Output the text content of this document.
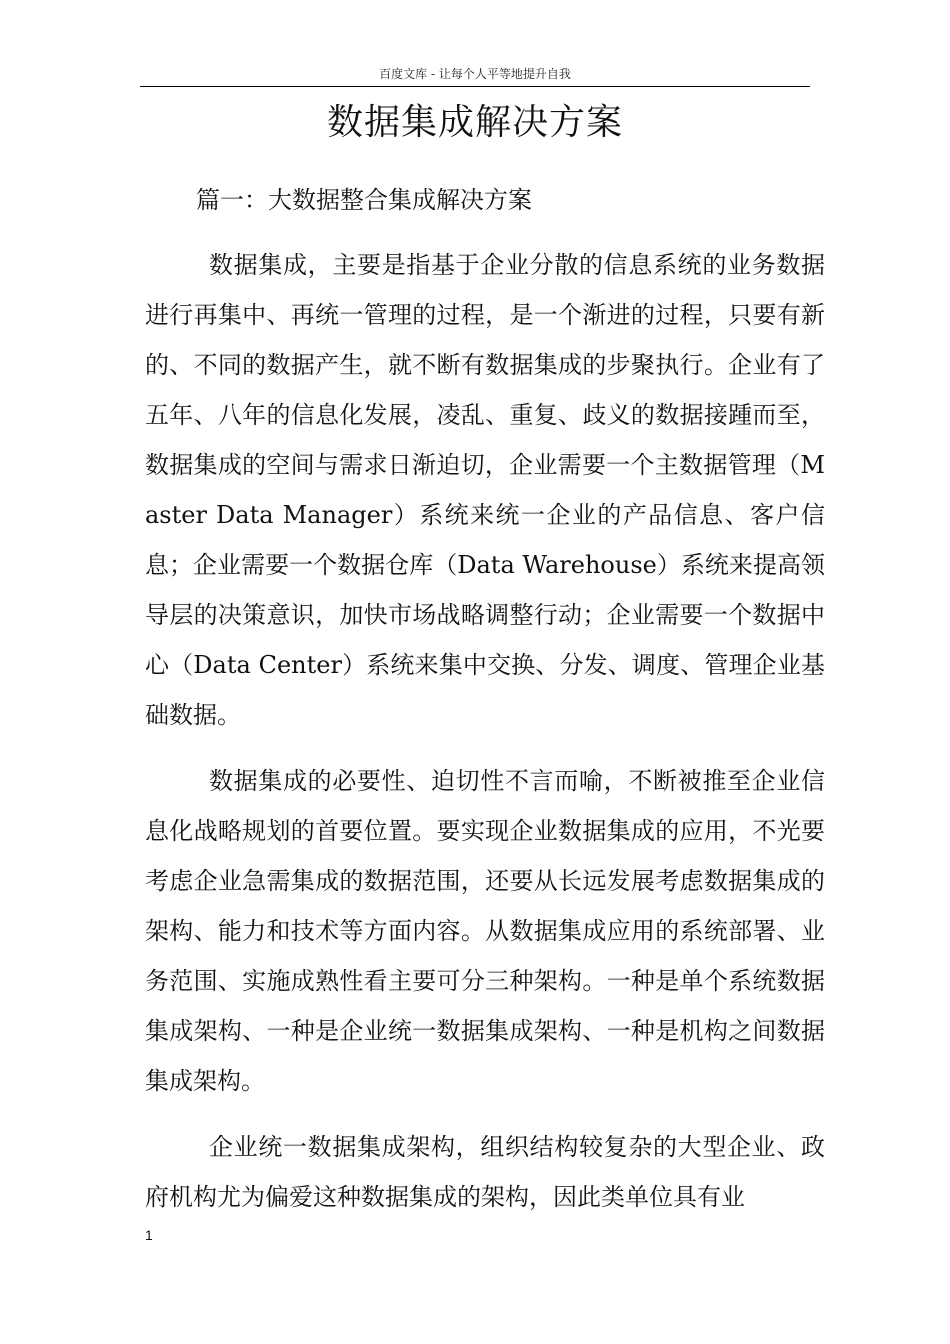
百度文库 - 让每个人平等地提升自我
数据集成解决方案
篇一：大数据整合集成解决方案

数据集成，主要是指基于企业分散的信息系统的业务数据进行再集中、再统一管理的过程，是一个渐进的过程，只要有新的、不同的数据产生，就不断有数据集成的步聚执行。企业有了五年、八年的信息化发展，凌乱、重复、歧义的数据接踵而至，数据集成的空间与需求日渐迫切，企业需要一个主数据管理（Master Data Manager）系统来统一企业的产品信息、客户信息；企业需要一个数据仓库（Data Warehouse）系统来提高领导层的决策意识，加快市场战略调整行动；企业需要一个数据中心（Data Center）系统来集中交换、分发、调度、管理企业基础数据。

数据集成的必要性、迫切性不言而喻，不断被推至企业信息化战略规划的首要位置。要实现企业数据集成的应用，不光要考虑企业急需集成的数据范围，还要从长远发展考虑数据集成的架构、能力和技术等方面内容。从数据集成应用的系统部署、业务范围、实施成熟性看主要可分三种架构。一种是单个系统数据集成架构、一种是企业统一数据集成架构、一种是机构之间数据集成架构。

企业统一数据集成架构，组织结构较复杂的大型企业、政府机构尤为偏爱这种数据集成的架构，因此类单位具有业

1
